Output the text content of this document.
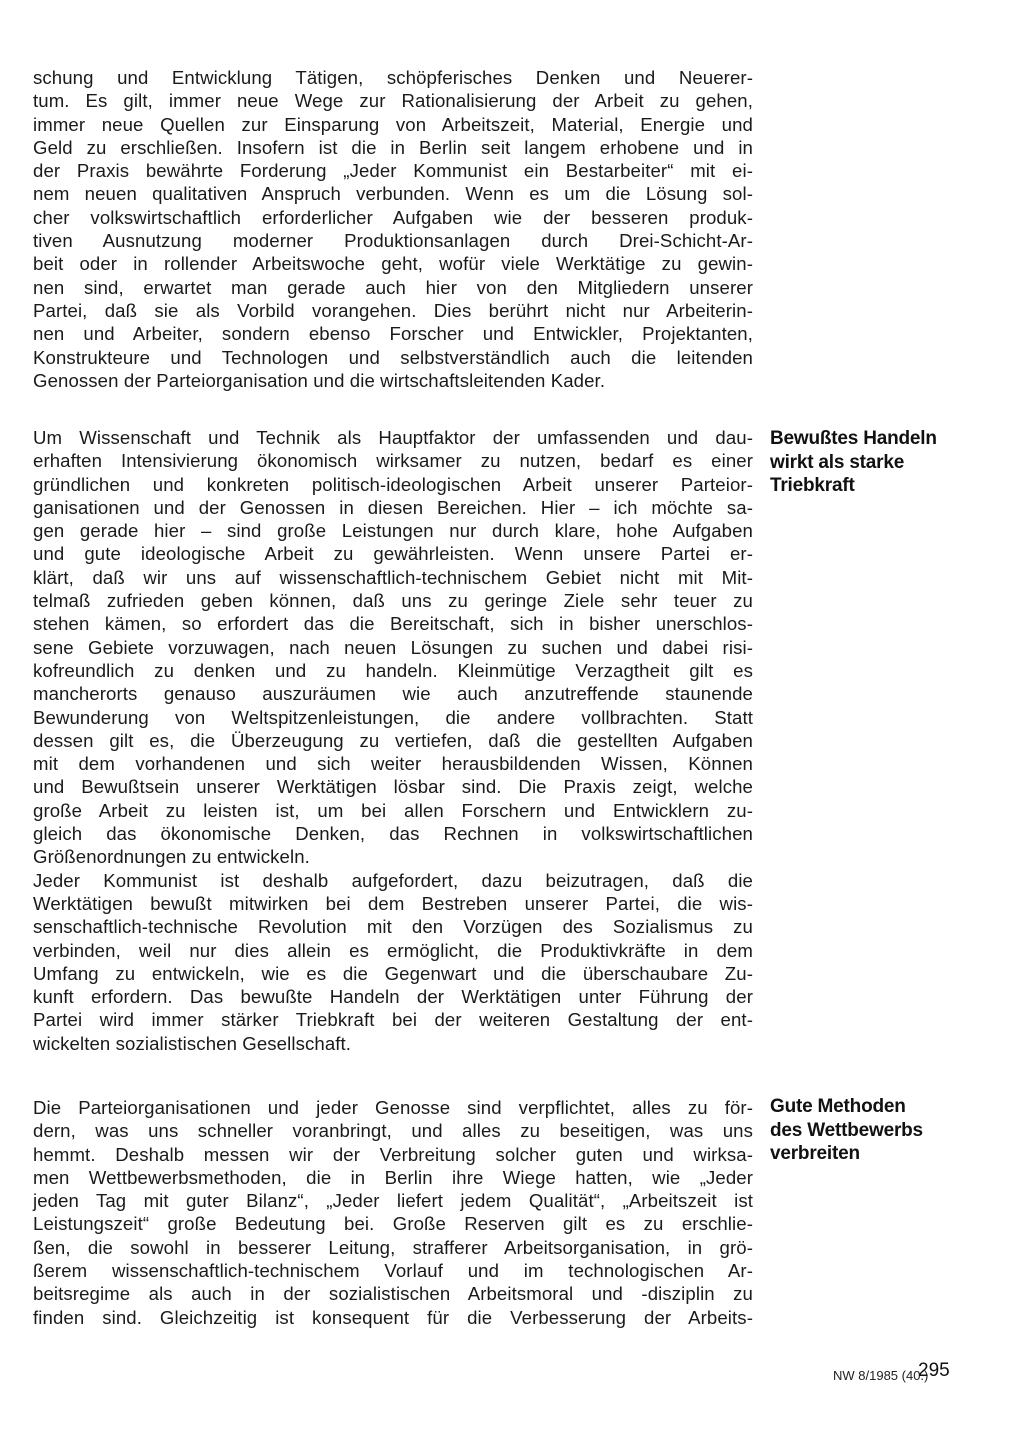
schung und Entwicklung Tätigen, schöpferisches Denken und Neuerer-
tum. Es gilt, immer neue Wege zur Rationalisierung der Arbeit zu gehen,
immer neue Quellen zur Einsparung von Arbeitszeit, Material, Energie und
Geld zu erschließen. Insofern ist die in Berlin seit langem erhobene und in
der Praxis bewährte Forderung „Jeder Kommunist ein Bestarbeiter“ mit ei-
nem neuen qualitativen Anspruch verbunden. Wenn es um die Lösung sol-
cher volkswirtschaftlich erforderlicher Aufgaben wie der besseren produk-
tiven Ausnutzung moderner Produktionsanlagen durch Drei-Schicht-Ar-
beit oder in rollender Arbeitswoche geht, wofür viele Werktätige zu gewin-
nen sind, erwartet man gerade auch hier von den Mitgliedern unserer
Partei, daß sie als Vorbild vorangehen. Dies berührt nicht nur Arbeiterin-
nen und Arbeiter, sondern ebenso Forscher und Entwickler, Projektanten,
Konstrukteure und Technologen und selbstverständlich auch die leitenden
Genossen der Parteiorganisation und die wirtschaftsleitenden Kader.
Um Wissenschaft und Technik als Hauptfaktor der umfassenden und dau-
erhaften Intensivierung ökonomisch wirksamer zu nutzen, bedarf es einer
gründlichen und konkreten politisch-ideologischen Arbeit unserer Parteior-
ganisationen und der Genossen in diesen Bereichen. Hier – ich möchte sa-
gen gerade hier – sind große Leistungen nur durch klare, hohe Aufgaben
und gute ideologische Arbeit zu gewährleisten. Wenn unsere Partei er-
klärt, daß wir uns auf wissenschaftlich-technischem Gebiet nicht mit Mit-
telmaß zufrieden geben können, daß uns zu geringe Ziele sehr teuer zu
stehen kämen, so erfordert das die Bereitschaft, sich in bisher unerschlos-
sene Gebiete vorzuwagen, nach neuen Lösungen zu suchen und dabei risi-
kofreundlich zu denken und zu handeln. Kleinmütige Verzagtheit gilt es
mancherorts genauso auszuräumen wie auch anzutreffende staunende
Bewunderung von Weltspitzenleistungen, die andere vollbrachten. Statt
dessen gilt es, die Überzeugung zu vertiefen, daß die gestellten Aufgaben
mit dem vorhandenen und sich weiter herausbildenden Wissen, Können
und Bewußtsein unserer Werktätigen lösbar sind. Die Praxis zeigt, welche
große Arbeit zu leisten ist, um bei allen Forschern und Entwicklern zu-
gleich das ökonomische Denken, das Rechnen in volkswirtschaftlichen
Größenordnungen zu entwickeln.
Jeder Kommunist ist deshalb aufgefordert, dazu beizutragen, daß die
Werktätigen bewußt mitwirken bei dem Bestreben unserer Partei, die wis-
senschaftlich-technische Revolution mit den Vorzügen des Sozialismus zu
verbinden, weil nur dies allein es ermöglicht, die Produktivkräfte in dem
Umfang zu entwickeln, wie es die Gegenwart und die überschaubare Zu-
kunft erfordern. Das bewußte Handeln der Werktätigen unter Führung der
Partei wird immer stärker Triebkraft bei der weiteren Gestaltung der ent-
wickelten sozialistischen Gesellschaft.
Die Parteiorganisationen und jeder Genosse sind verpflichtet, alles zu för-
dern, was uns schneller voranbringt, und alles zu beseitigen, was uns
hemmt. Deshalb messen wir der Verbreitung solcher guten und wirksa-
men Wettbewerbsmethoden, die in Berlin ihre Wiege hatten, wie „Jeder
jeden Tag mit guter Bilanz“, „Jeder liefert jedem Qualität“, „Arbeitszeit ist
Leistungszeit“ große Bedeutung bei. Große Reserven gilt es zu erschlie-
ßen, die sowohl in besserer Leitung, strafferer Arbeitsorganisation, in grö-
ßerem wissenschaftlich-technischem Vorlauf und im technologischen Ar-
beitsregime als auch in der sozialistischen Arbeitsmoral und -disziplin zu
finden sind. Gleichzeitig ist konsequent für die Verbesserung der Arbeits-
Bewußtes Handeln
wirkt als starke
Triebkraft
Gute Methoden
des Wettbewerbs
verbreiten
NW 8/1985 (40.)
295
